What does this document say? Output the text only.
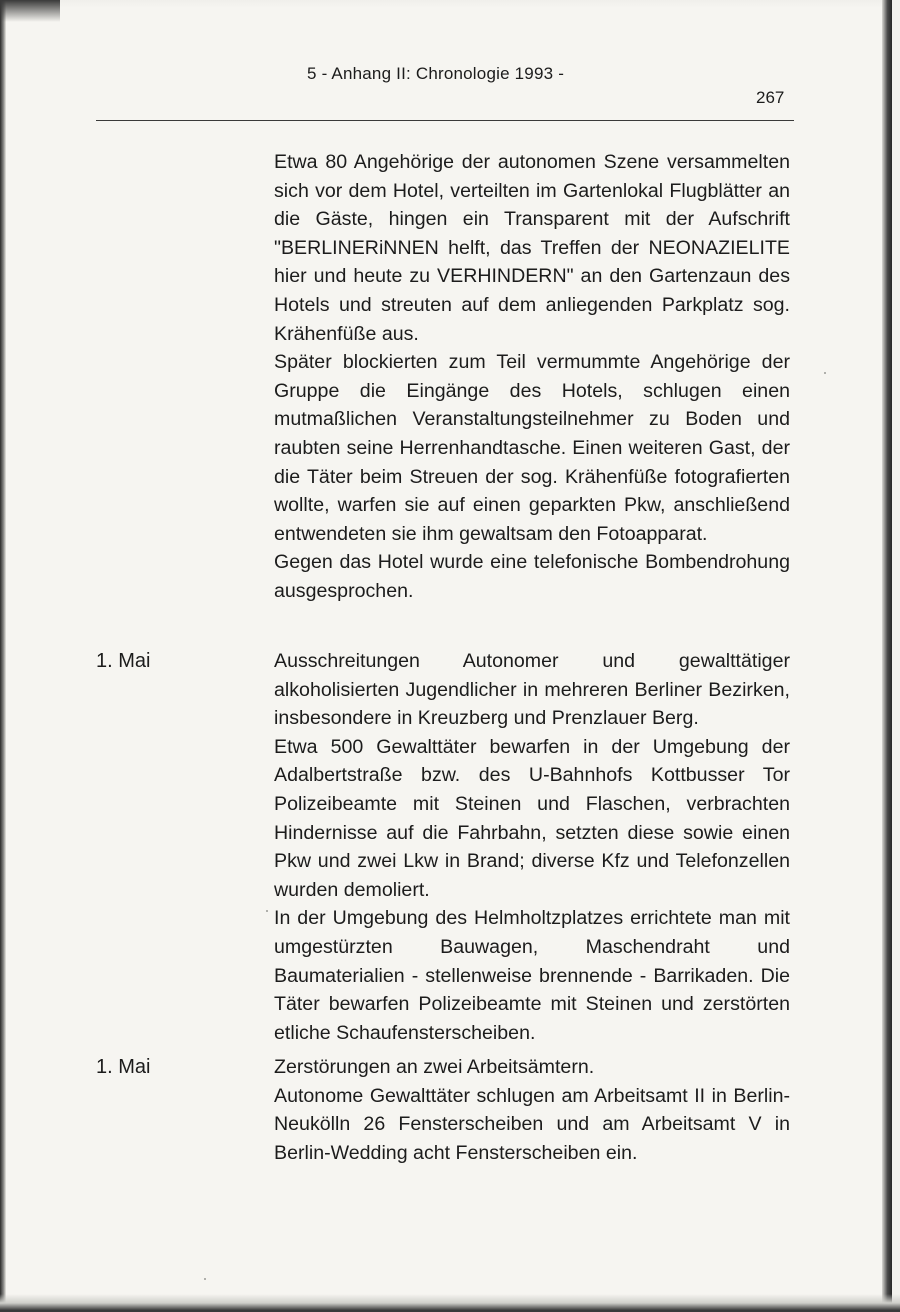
5 - Anhang II: Chronologie 1993 -
267

Etwa 80 Angehörige der autonomen Szene versammelten sich vor dem Hotel, verteilten im Gartenlokal Flugblätter an die Gäste, hingen ein Transparent mit der Aufschrift "BERLINERiNNEN helft, das Treffen der NEONAZIELITE hier und heute zu VERHINDERN" an den Gartenzaun des Hotels und streuten auf dem anliegenden Parkplatz sog. Krähenfüße aus.

Später blockierten zum Teil vermummte Angehörige der Gruppe die Eingänge des Hotels, schlugen einen mutmaßlichen Veranstaltungsteilnehmer zu Boden und raubten seine Herrenhandtasche. Einen weiteren Gast, der die Täter beim Streuen der sog. Krähenfüße fotografierten wollte, warfen sie auf einen geparkten Pkw, anschließend entwendeten sie ihm gewaltsam den Fotoapparat.

Gegen das Hotel wurde eine telefonische Bombendrohung ausgesprochen.

1. Mai	Ausschreitungen Autonomer und gewalttätiger alkoholisierten Jugendlicher in mehreren Berliner Bezirken, insbesondere in Kreuzberg und Prenzlauer Berg.

Etwa 500 Gewalttäter bewarfen in der Umgebung der Adalbertstraße bzw. des U-Bahnhofs Kottbusser Tor Polizeibeamte mit Steinen und Flaschen, verbrachten Hindernisse auf die Fahrbahn, setzten diese sowie einen Pkw und zwei Lkw in Brand; diverse Kfz und Telefonzellen wurden demoliert.

In der Umgebung des Helmholtzplatzes errichtete man mit umgestürzten Bauwagen, Maschendraht und Baumaterialien - stellenweise brennende - Barrikaden. Die Täter bewarfen Polizeibeamte mit Steinen und zerstörten etliche Schaufensterscheiben.

1. Mai	Zerstörungen an zwei Arbeitsämtern.

Autonome Gewalttäter schlugen am Arbeitsamt II in Berlin-Neukölln 26 Fensterscheiben und am Arbeitsamt V in Berlin-Wedding acht Fensterscheiben ein.
